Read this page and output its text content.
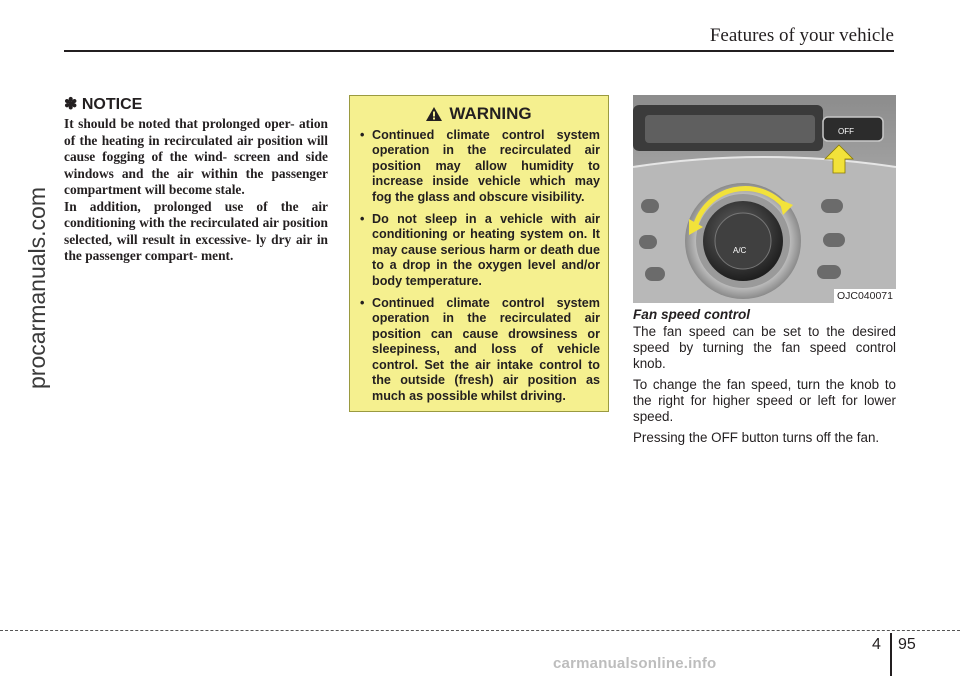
Features of your vehicle
procarmanuals.com
✽ NOTICE

It should be noted that prolonged oper- ation of the heating in recirculated air position will cause fogging of the wind- screen and side windows and the air within the passenger compartment will become stale.

In addition, prolonged use of the air conditioning with the recirculated air position selected, will result in excessive- ly dry air in the passenger compart- ment.

WARNING
• Continued climate control system operation in the recirculated air position may allow humidity to increase inside vehicle which may fog the glass and obscure visibility.
• Do not sleep in a vehicle with air conditioning or heating system on. It may cause serious harm or death due to a drop in the oxygen level and/or body temperature.
• Continued climate control system operation in the recirculated air position can cause drowsiness or sleepiness, and loss of vehicle control. Set the air intake control to the outside (fresh) air position as much as possible whilst driving.
OFF
A/C
OJC040071
Fan speed control

The fan speed can be set to the desired speed by turning the fan speed control knob.

To change the fan speed, turn the knob to the right for higher speed or left for lower speed.

Pressing the OFF button turns off the fan.

4 95
carmanualsonline.info
